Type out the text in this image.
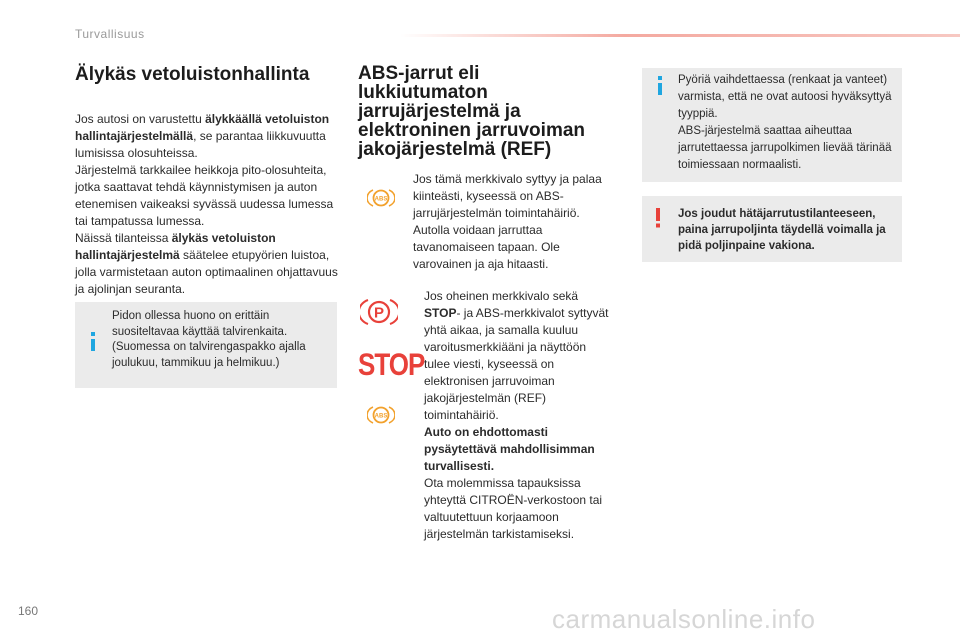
Turvallisuus
Älykäs vetoluistonhallinta
Jos autosi on varustettu älykkäällä vetoluiston hallintajärjestelmällä, se parantaa liikkuvuutta lumisissa olosuhteissa.
Järjestelmä tarkkailee heikkoja pito-olosuhteita, jotka saattavat tehdä käynnistymisen ja auton etenemisen vaikeaksi syvässä uudessa lumessa tai tampatussa lumessa.
Näissä tilanteissa älykäs vetoluiston hallintajärjestelmä säätelee etupyörien luistoa, jolla varmistetaan auton optimaalinen ohjattavuus ja ajolinjan seuranta.
Pidon ollessa huono on erittäin suositeltavaa käyttää talvirenkaita. (Suomessa on talvirengaspakko ajalla joulukuu, tammikuu ja helmikuu.)
ABS-jarrut eli lukkiutumaton jarrujärjestelmä ja elektroninen jarruvoiman jakojärjestelmä (REF)
ABS
Jos tämä merkkivalo syttyy ja palaa kiinteästi, kyseessä on ABS-jarrujärjestelmän toimintahäiriö. Autolla voidaan jarruttaa tavanomaiseen tapaan. Ole varovainen ja aja hitaasti.
P
STOP
ABS
Jos oheinen merkkivalo sekä STOP- ja ABS-merkkivalot syttyvät yhtä aikaa, ja samalla kuuluu varoitusmerkkiääni ja näyttöön tulee viesti, kyseessä on elektronisen jarruvoiman jakojärjestelmän (REF) toimintahäiriö.
Auto on ehdottomasti pysäytettävä mahdollisimman turvallisesti.
Ota molemmissa tapauksissa yhteyttä CITROËN-verkostoon tai valtuutettuun korjaamoon järjestelmän tarkistamiseksi.
Pyöriä vaihdettaessa (renkaat ja vanteet) varmista, että ne ovat autoosi hyväksyttyä tyyppiä.
ABS-järjestelmä saattaa aiheuttaa jarrutettaessa jarrupolkimen lievää tärinää toimiessaan normaalisti.
Jos joudut hätäjarrutustilanteeseen, paina jarrupoljinta täydellä voimalla ja pidä poljinpaine vakiona.
160	carmanualsonline.info
